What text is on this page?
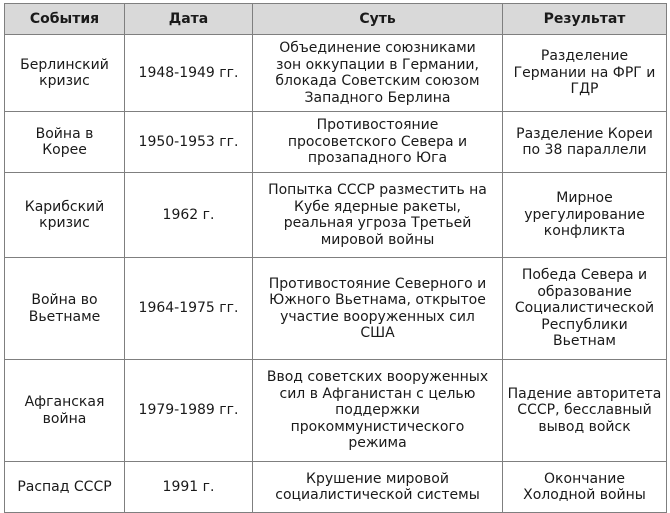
События	Дата	Суть	Результат

Берлинский
кризис	1948-1949 гг.	Объединение союзниками
зон оккупации в Германии,
блокада Советским союзом
Западного Берлина	Разделение
Германии на ФРГ и
ГДР

Война в
Корее	1950-1953 гг.	Противостояние
просоветского Севера и
прозападного Юга	Разделение Кореи
по 38 параллели

Карибский
кризис	1962 г.	Попытка СССР разместить на
Кубе ядерные ракеты,
реальная угроза Третьей
мировой войны	Мирное
урегулирование
конфликта

Война во
Вьетнаме	1964-1975 гг.	Противостояние Северного и
Южного Вьетнама, открытое
участие вооруженных сил
США	Победа Севера и
образование
Социалистической
Республики
Вьетнам

Афганская
война	1979-1989 гг.	Ввод советских вооруженных
сил в Афганистан с целью
поддержки
прокоммунистического
режима	Падение авторитета
СССР, бесславный
вывод войск

Распад СССР	1991 г.	Крушение мировой
социалистической системы	Окончание
Холодной войны
